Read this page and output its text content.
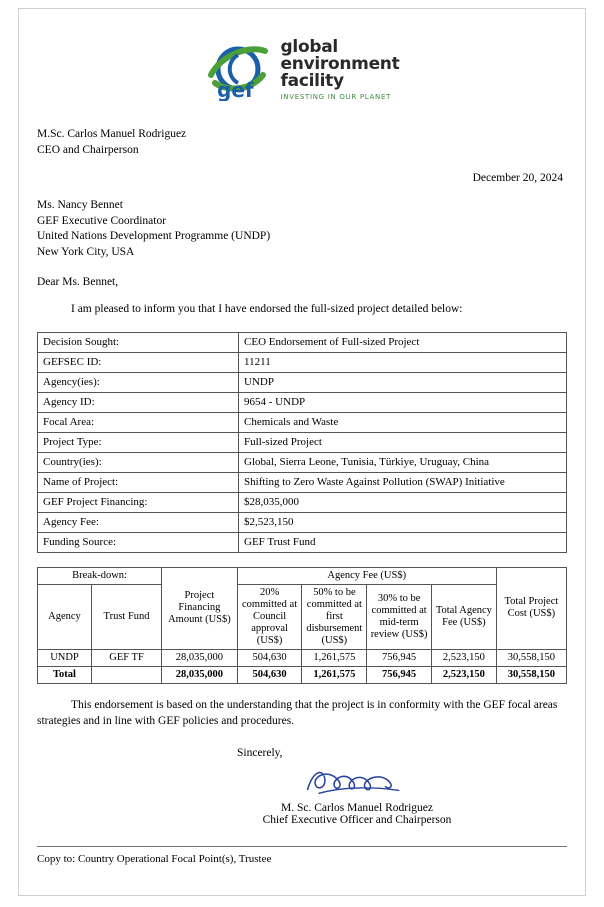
gef
global
environment
facility
INVESTING IN OUR PLANET
M.Sc. Carlos Manuel Rodriguez
CEO and Chairperson
December 20, 2024
Ms. Nancy Bennet
GEF Executive Coordinator
United Nations Development Programme (UNDP)
New York City, USA
Dear Ms. Bennet,
I am pleased to inform you that I have endorsed the full-sized project detailed below:
Decision Sought:	CEO Endorsement of Full-sized Project
GEFSEC ID:	11211
Agency(ies):	UNDP
Agency ID:	9654 - UNDP
Focal Area:	Chemicals and Waste
Project Type:	Full-sized Project
Country(ies):	Global, Sierra Leone, Tunisia, Türkiye, Uruguay, China
Name of Project:	Shifting to Zero Waste Against Pollution (SWAP) Initiative
GEF Project Financing:	$28,035,000
Agency Fee:	$2,523,150
Funding Source:	GEF Trust Fund
Break-down:		Project Financing Amount (US$)	Agency Fee (US$)				Total Project Cost (US$)
Agency	Trust Fund		20% committed at Council approval (US$)	50% to be committed at first disbursement (US$)	30% to be committed at mid-term review (US$)	Total Agency Fee (US$)	
UNDP	GEF TF	28,035,000	504,630	1,261,575	756,945	2,523,150	30,558,150
Total		28,035,000	504,630	1,261,575	756,945	2,523,150	30,558,150
This endorsement is based on the understanding that the project is in conformity with the GEF focal areas strategies and in line with GEF policies and procedures.
Sincerely,
M. Sc. Carlos Manuel Rodriguez
Chief Executive Officer and Chairperson
Copy to: Country Operational Focal Point(s), Trustee
